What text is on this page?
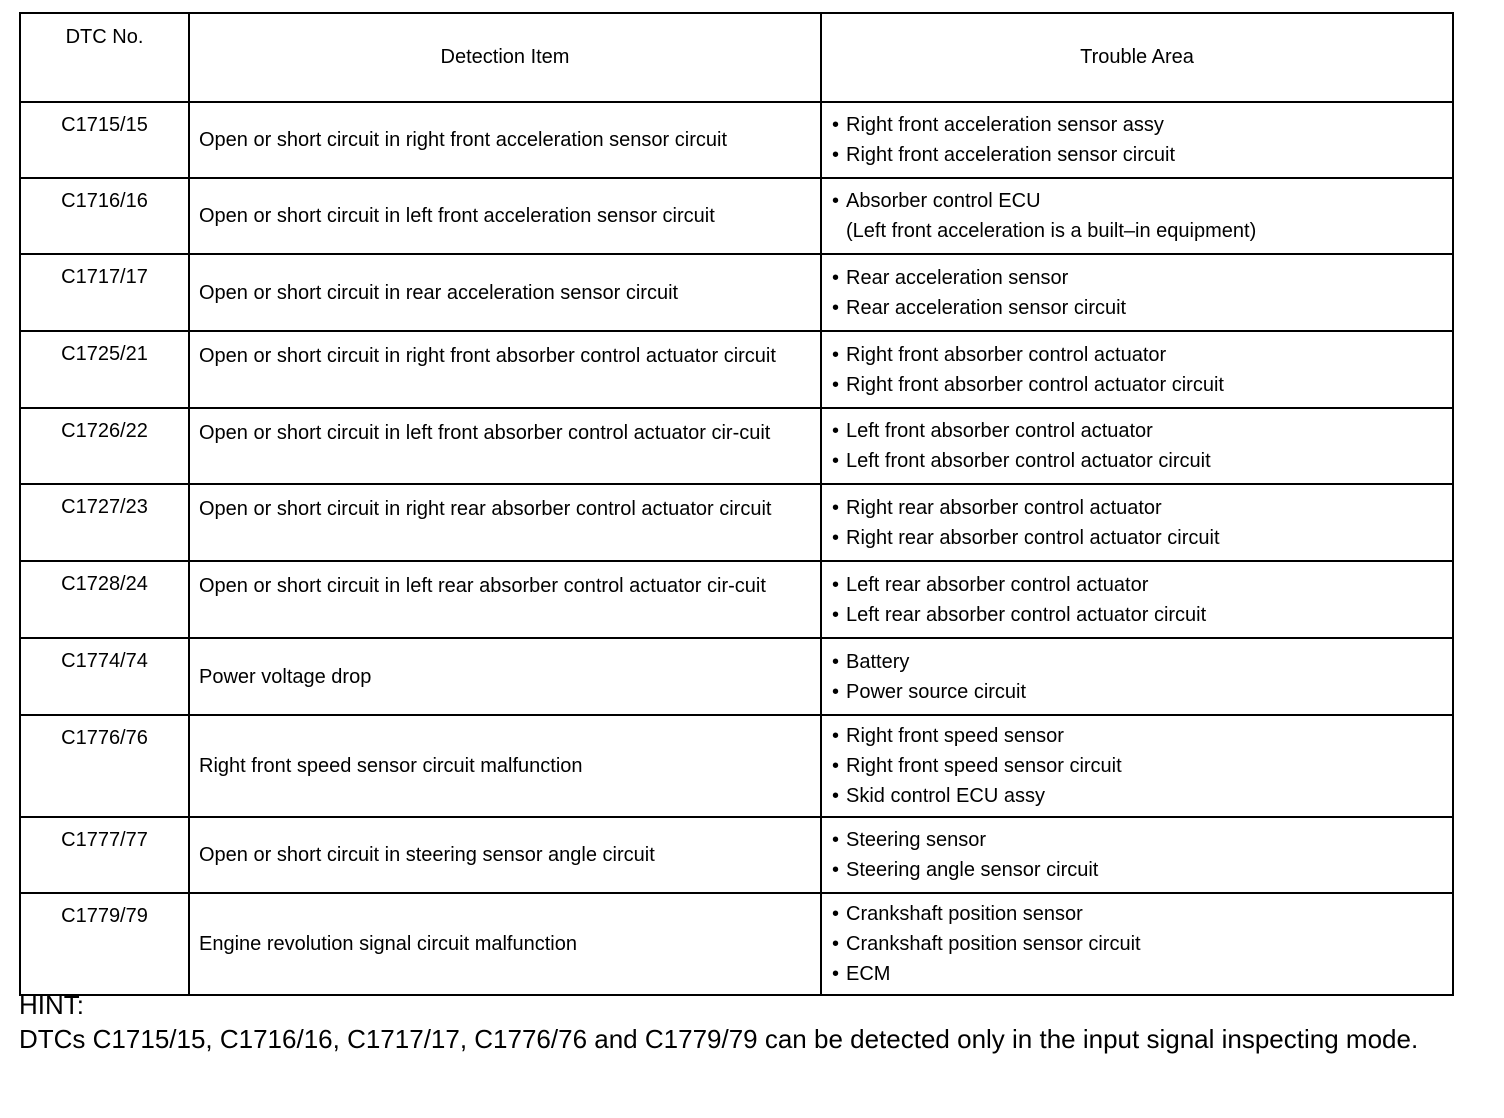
DTC No.	Detection Item	Trouble Area
C1715/15	Open or short circuit in right front acceleration sensor circuit	• Right front acceleration sensor assy
• Right front acceleration sensor circuit

C1716/16	Open or short circuit in left front acceleration sensor circuit	• Absorber control ECU
(Left front acceleration is a built–in equipment)

C1717/17	Open or short circuit in rear acceleration sensor circuit	• Rear acceleration sensor
• Rear acceleration sensor circuit

C1725/21	Open or short circuit in right front absorber control actuator circuit	• Right front absorber control actuator
• Right front absorber control actuator circuit

C1726/22	Open or short circuit in left front absorber control actuator cir-cuit	• Left front absorber control actuator
• Left front absorber control actuator circuit

C1727/23	Open or short circuit in right rear absorber control actuator circuit	• Right rear absorber control actuator
• Right rear absorber control actuator circuit

C1728/24	Open or short circuit in left rear absorber control actuator cir-cuit	• Left rear absorber control actuator
• Left rear absorber control actuator circuit

C1774/74	Power voltage drop	• Battery
• Power source circuit

C1776/76	Right front speed sensor circuit malfunction	• Right front speed sensor
• Right front speed sensor circuit
• Skid control ECU assy

C1777/77	Open or short circuit in steering sensor angle circuit	• Steering sensor
• Steering angle sensor circuit

C1779/79	Engine revolution signal circuit malfunction	• Crankshaft position sensor
• Crankshaft position sensor circuit
• ECM
HINT:
DTCs C1715/15, C1716/16, C1717/17, C1776/76 and C1779/79 can be detected only in the input signal inspecting mode.
